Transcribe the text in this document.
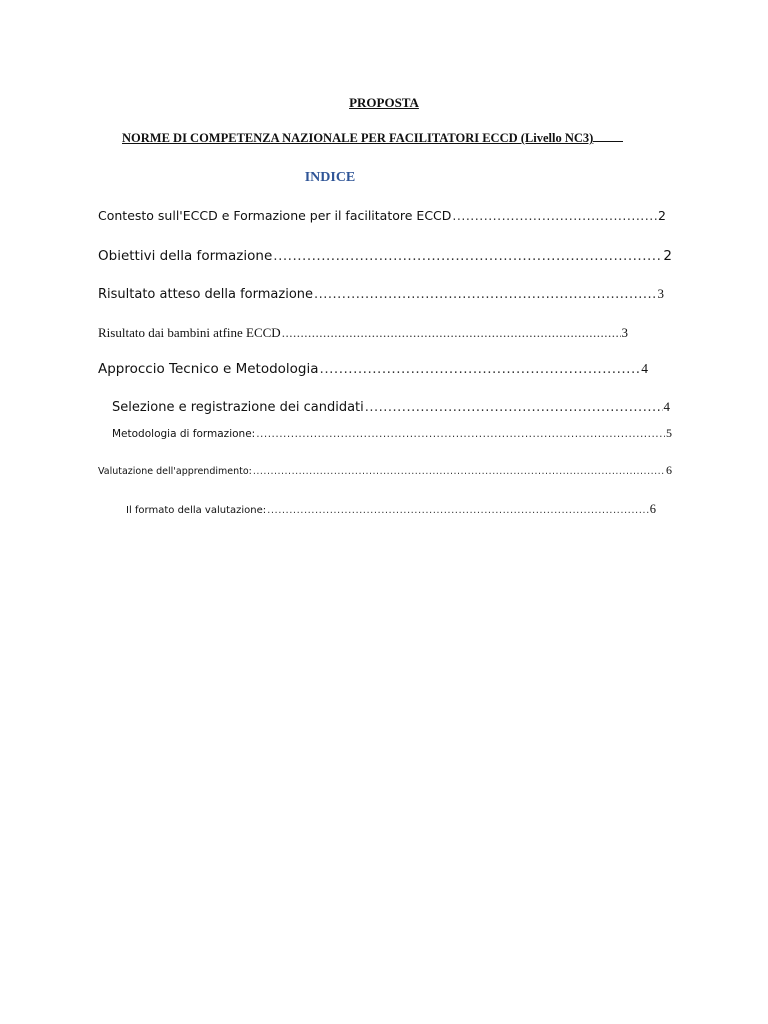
PROPOSTA
NORME DI COMPETENZA NAZIONALE PER FACILITATORI ECCD (Livello NC3)
INDICE
Contesto sull'ECCD e Formazione per il facilitatore ECCD .....	2
Obiettivi della formazione .....	2
Risultato atteso della formazione .....	3
Risultato dai bambini atfine ECCD .....	3
Approccio Tecnico e Metodologia .....	4
Selezione e registrazione dei candidati .....	4
Metodologia di formazione: .....	5
Valutazione dell'apprendimento: .....	6
Il formato della valutazione: .....	6
